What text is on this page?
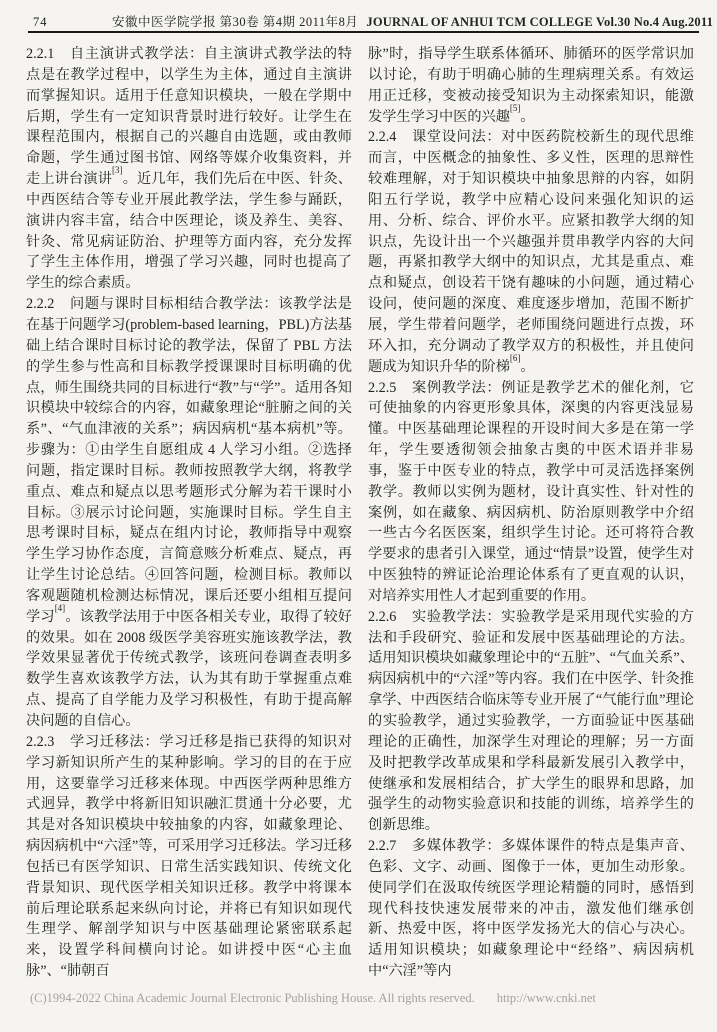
74	安徽中医学院学报 第30卷 第4期 2011年8月 JOURNAL OF ANHUI TCM COLLEGE Vol.30 No.4 Aug.2011

2.2.1　自主演讲式教学法：自主演讲式教学法的特点是在教学过程中，以学生为主体，通过自主演讲而掌握知识。适用于任意知识模块，一般在学期中后期，学生有一定知识背景时进行较好。让学生在课程范围内，根据自己的兴趣自由选题，或由教师命题，学生通过图书馆、网络等媒介收集资料，并走上讲台演讲[3]。近几年，我们先后在中医、针灸、中西医结合等专业开展此教学法，学生参与踊跃，演讲内容丰富，结合中医理论，谈及养生、美容、针灸、常见病证防治、护理等方面内容，充分发挥了学生主体作用，增强了学习兴趣，同时也提高了学生的综合素质。

2.2.2　问题与课时目标相结合教学法：该教学法是在基于问题学习(problem-based learning，PBL)方法基础上结合课时目标讨论的教学法，保留了 PBL 方法的学生参与性高和目标教学授课课时目标明确的优点，师生围绕共同的目标进行“教”与“学”。适用各知识模块中较综合的内容，如藏象理论“脏腑之间的关系”、“气血津液的关系”；病因病机“基本病机”等。步骤为：①由学生自愿组成 4 人学习小组。②选择问题，指定课时目标。教师按照教学大纲，将教学重点、难点和疑点以思考题形式分解为若干课时小目标。③展示讨论问题，实施课时目标。学生自主思考课时目标，疑点在组内讨论，教师指导中观察学生学习协作态度，言简意赅分析难点、疑点，再让学生讨论总结。④回答问题，检测目标。教师以客观题随机检测达标情况，课后还要小组相互提问学习[4]。该教学法用于中医各相关专业，取得了较好的效果。如在 2008 级医学美容班实施该教学法，教学效果显著优于传统式教学，该班问卷调查表明多数学生喜欢该教学方法，认为其有助于掌握重点难点、提高了自学能力及学习积极性，有助于提高解决问题的自信心。

2.2.3　学习迁移法：学习迁移是指已获得的知识对学习新知识所产生的某种影响。学习的目的在于应用，这要靠学习迁移来体现。中西医学两种思维方式迥异，教学中将新旧知识融汇贯通十分必要，尤其是对各知识模块中较抽象的内容，如藏象理论、病因病机中“六淫”等，可采用学习迁移法。学习迁移包括已有医学知识、日常生活实践知识、传统文化背景知识、现代医学相关知识迁移。教学中将课本前后理论联系起来纵向讨论，并将已有知识如现代生理学、解剖学知识与中医基础理论紧密联系起来，设置学科间横向讨论。如讲授中医“心主血脉”、“肺朝百

脉”时，指导学生联系体循环、肺循环的医学常识加以讨论，有助于明确心肺的生理病理关系。有效运用正迁移，变被动接受知识为主动探索知识，能激发学生学习中医的兴趣[5]。

2.2.4　课堂设问法：对中医药院校新生的现代思维而言，中医概念的抽象性、多义性，医理的思辩性较难理解，对于知识模块中抽象思辩的内容，如阴阳五行学说，教学中应精心设问来强化知识的运用、分析、综合、评价水平。应紧扣教学大纲的知识点，先设计出一个兴趣强并贯串教学内容的大问题，再紧扣教学大纲中的知识点，尤其是重点、难点和疑点，创设若干饶有趣味的小问题，通过精心设问，使问题的深度、难度逐步增加，范围不断扩展，学生带着问题学，老师围绕问题进行点拨，环环入扣，充分调动了教学双方的积极性，并且使问题成为知识升华的阶梯[6]。

2.2.5　案例教学法：例证是教学艺术的催化剂，它可使抽象的内容更形象具体，深奥的内容更浅显易懂。中医基础理论课程的开设时间大多是在第一学年，学生要透彻领会抽象古奥的中医术语并非易事，鉴于中医专业的特点，教学中可灵活选择案例教学。教师以实例为题材，设计真实性、针对性的案例，如在藏象、病因病机、防治原则教学中介绍一些古今名医医案，组织学生讨论。还可将符合教学要求的患者引入课堂，通过“情景”设置，使学生对中医独特的辨证论治理论体系有了更直观的认识，对培养实用性人才起到重要的作用。

2.2.6　实验教学法：实验教学是采用现代实验的方法和手段研究、验证和发展中医基础理论的方法。适用知识模块如藏象理论中的“五脏”、“气血关系”、病因病机中的“六淫”等内容。我们在中医学、针灸推拿学、中西医结合临床等专业开展了“气能行血”理论的实验教学，通过实验教学，一方面验证中医基础理论的正确性，加深学生对理论的理解；另一方面及时把教学改革成果和学科最新发展引入教学中，使继承和发展相结合，扩大学生的眼界和思路，加强学生的动物实验意识和技能的训练，培养学生的创新思维。

2.2.7　多媒体教学：多媒体课件的特点是集声音、色彩、文字、动画、图像于一体，更加生动形象。使同学们在汲取传统医学理论精髓的同时，感悟到现代科技快速发展带来的冲击，激发他们继承创新、热爱中医，将中医学发扬光大的信心与决心。适用知识模块；如藏象理论中“经络”、病因病机中“六淫”等内

(C)1994-2022 China Academic Journal Electronic Publishing House. All rights reserved. http://www.cnki.net
